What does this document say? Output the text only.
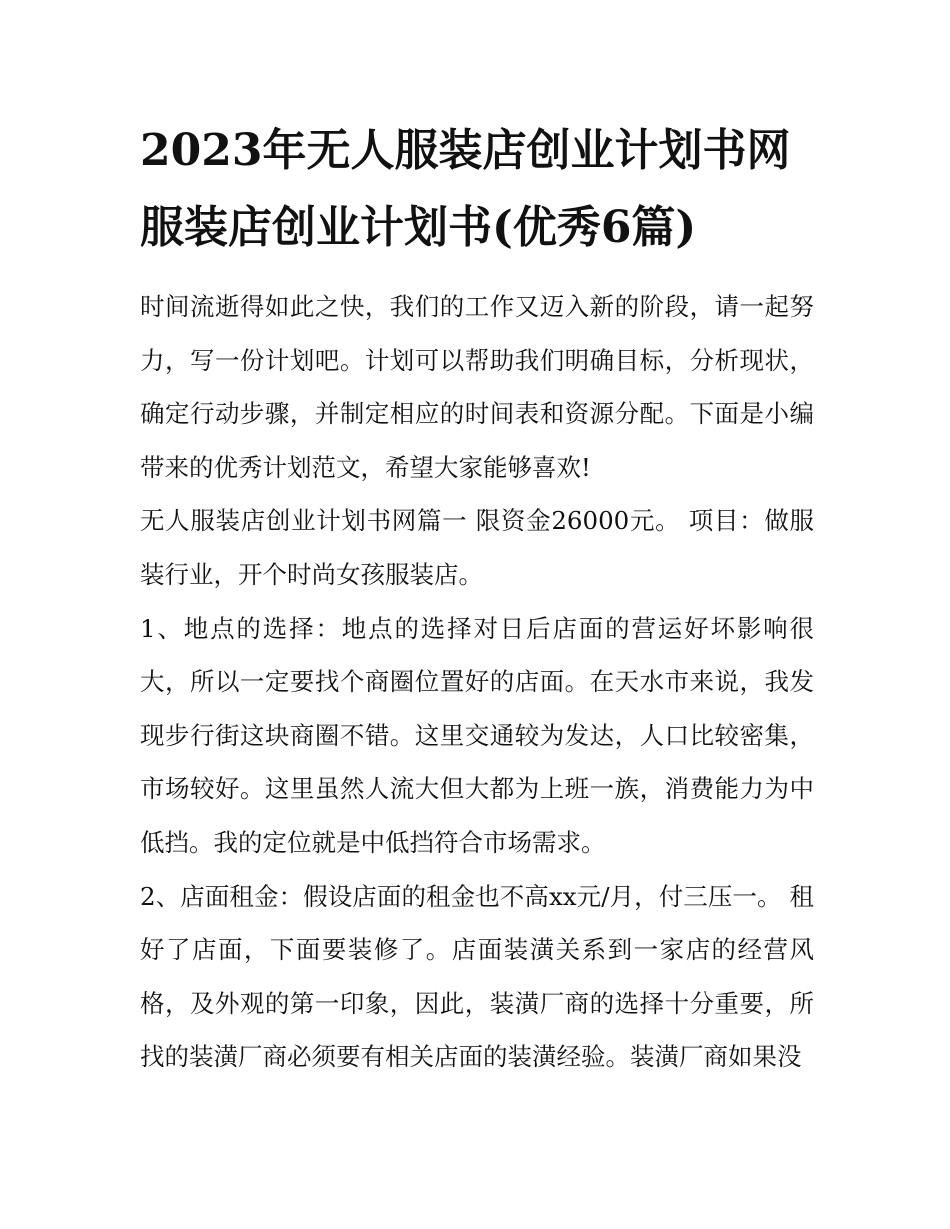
2023年无人服装店创业计划书网 服装店创业计划书(优秀6篇)

时间流逝得如此之快，我们的工作又迈入新的阶段，请一起努力，写一份计划吧。计划可以帮助我们明确目标，分析现状，确定行动步骤，并制定相应的时间表和资源分配。下面是小编带来的优秀计划范文，希望大家能够喜欢!

无人服装店创业计划书网篇一 限资金26000元。 项目：做服装行业，开个时尚女孩服装店。

1、地点的选择：地点的选择对日后店面的营运好坏影响很大，所以一定要找个商圈位置好的店面。在天水市来说，我发现步行街这块商圈不错。这里交通较为发达，人口比较密集，市场较好。这里虽然人流大但大都为上班一族，消费能力为中低挡。我的定位就是中低挡符合市场需求。

2、店面租金：假设店面的租金也不高xx元/月，付三压一。 租好了店面，下面要装修了。店面装潢关系到一家店的经营风格，及外观的第一印象，因此，装潢厂商的选择十分重要，所找的装潢厂商必须要有相关店面的装潢经验。装潢厂商如果没
